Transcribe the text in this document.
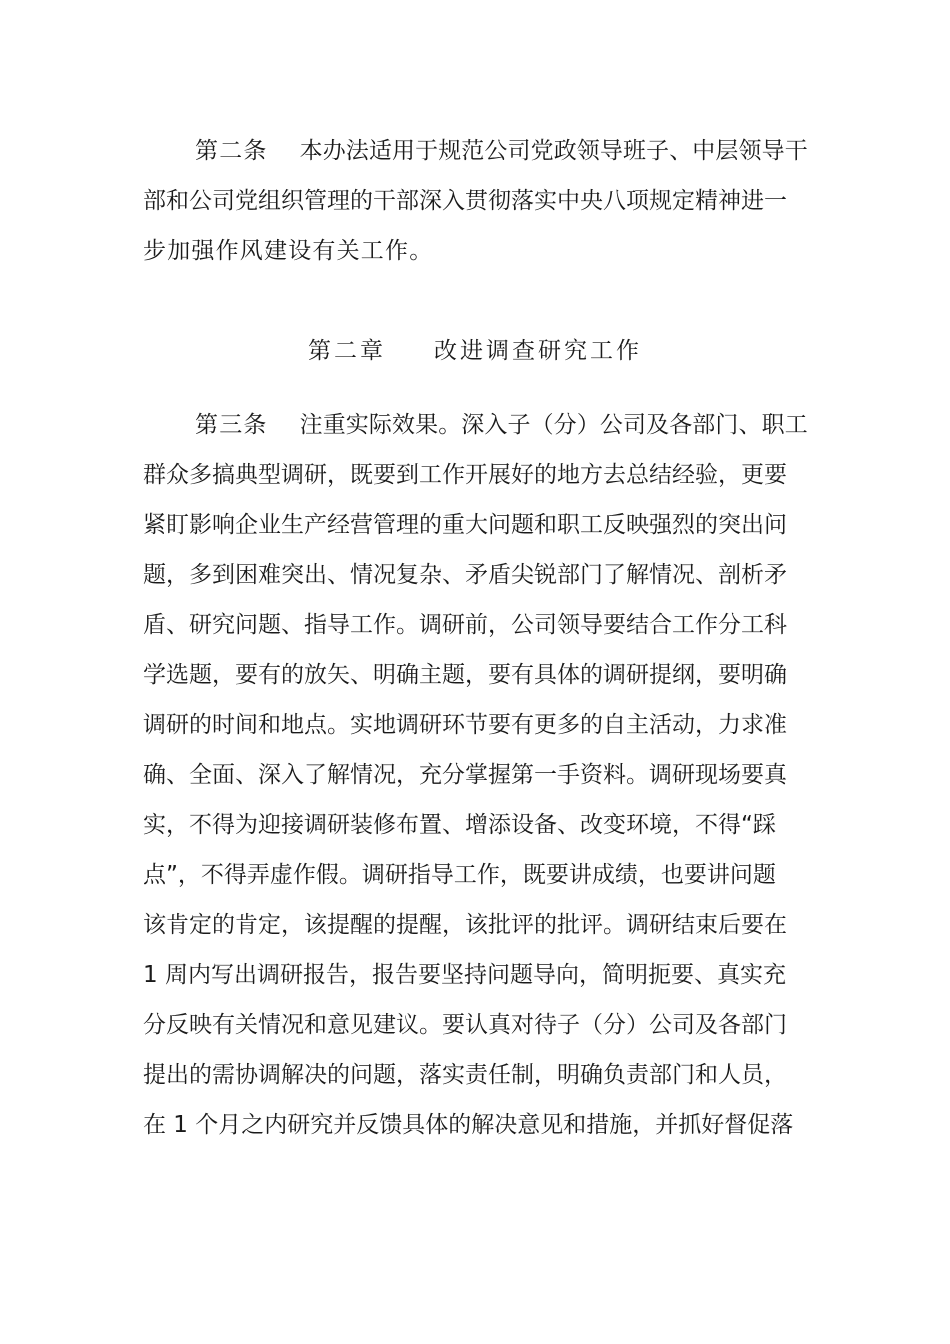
第二条 本办法适用于规范公司党政领导班子、中层领导干
部和公司党组织管理的干部深入贯彻落实中央八项规定精神进一
步加强作风建设有关工作。
第二章 改进调查研究工作
第三条 注重实际效果。深入子（分）公司及各部门、职工
群众多搞典型调研，既要到工作开展好的地方去总结经验，更要
紧盯影响企业生产经营管理的重大问题和职工反映强烈的突出问
题，多到困难突出、情况复杂、矛盾尖锐部门了解情况、剖析矛
盾、研究问题、指导工作。调研前，公司领导要结合工作分工科
学选题，要有的放矢、明确主题，要有具体的调研提纲，要明确
调研的时间和地点。实地调研环节要有更多的自主活动，力求准
确、全面、深入了解情况，充分掌握第一手资料。调研现场要真
实，不得为迎接调研装修布置、增添设备、改变环境，不得“踩
点”，不得弄虚作假。调研指导工作，既要讲成绩，也要讲问题
该肯定的肯定，该提醒的提醒，该批评的批评。调研结束后要在
1 周内写出调研报告，报告要坚持问题导向，简明扼要、真实充
分反映有关情况和意见建议。要认真对待子（分）公司及各部门
提出的需协调解决的问题，落实责任制，明确负责部门和人员，
在 1 个月之内研究并反馈具体的解决意见和措施，并抓好督促落
